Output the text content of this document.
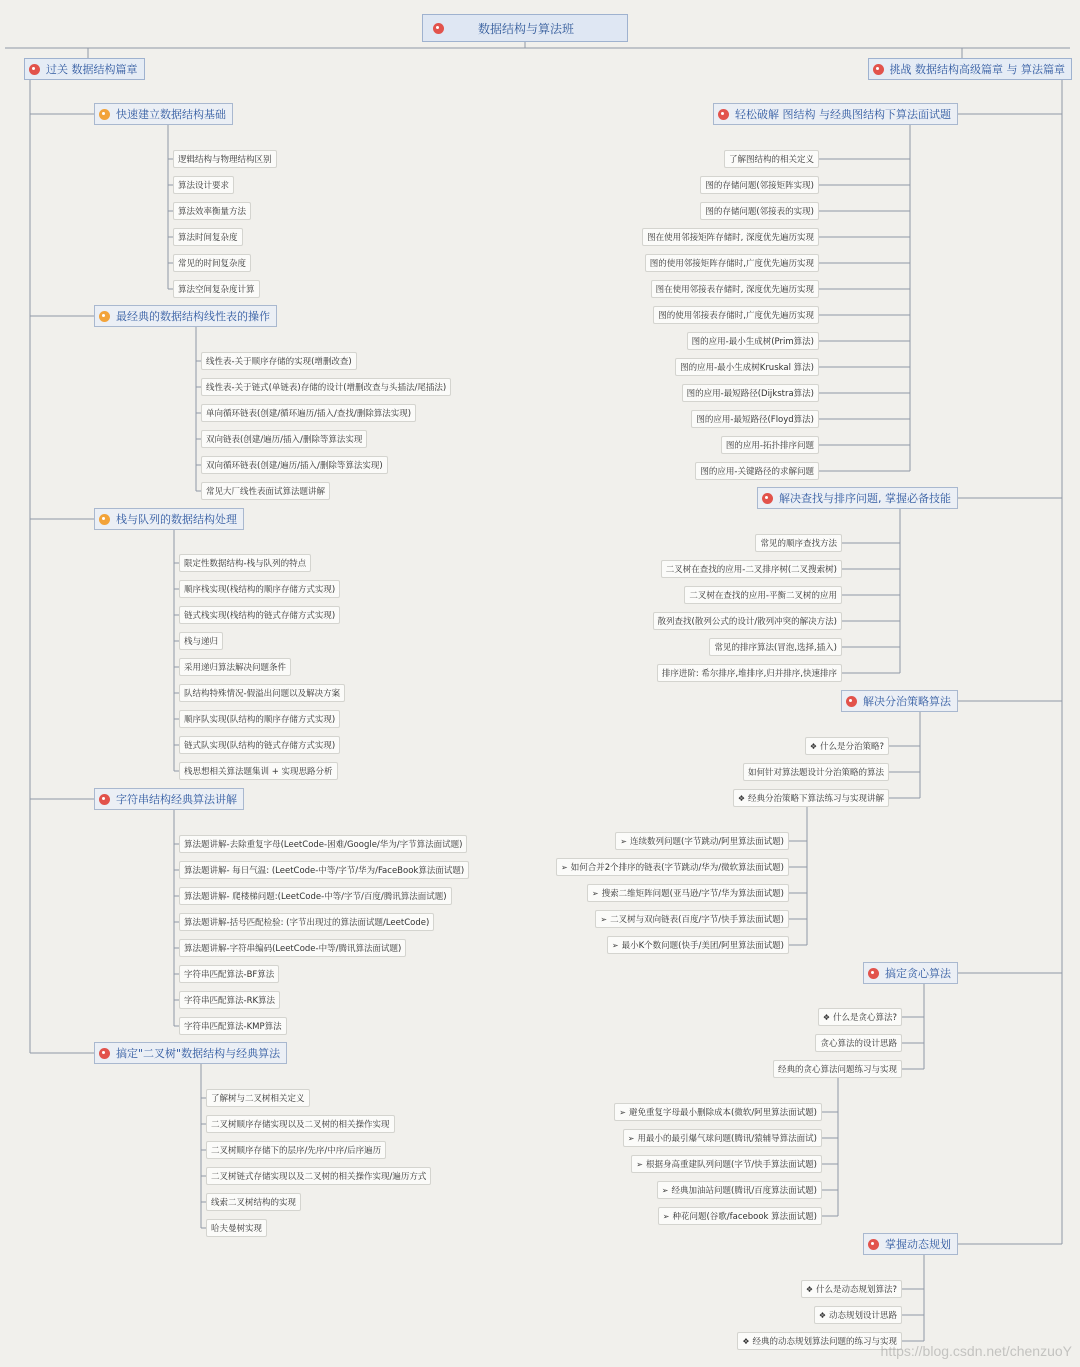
数据结构与算法班
过关 数据结构篇章	挑战 数据结构高级篇章 与 算法篇章
快速建立数据结构基础
逻辑结构与物理结构区别
算法设计要求
算法效率衡量方法
算法时间复杂度
常见的时间复杂度
算法空间复杂度计算
最经典的数据结构线性表的操作
线性表-关于顺序存储的实现(增删改查)
线性表-关于链式(单链表)存储的设计(增删改查与头插法/尾插法)
单向循环链表(创建/循环遍历/插入/查找/删除算法实现)
双向链表(创建/遍历/插入/删除等算法实现
双向循环链表(创建/遍历/插入/删除等算法实现)
常见大厂线性表面试算法题讲解
栈与队列的数据结构处理
限定性数据结构-栈与队列的特点
顺序栈实现(栈结构的顺序存储方式实现)
链式栈实现(栈结构的链式存储方式实现)
栈与递归
采用递归算法解决问题条件
队结构特殊情况-假溢出问题以及解决方案
顺序队实现(队结构的顺序存储方式实现)
链式队实现(队结构的链式存储方式实现)
栈思想相关算法题集训 + 实现思路分析
字符串结构经典算法讲解
算法题讲解-去除重复字母(LeetCode-困难/Google/华为/字节算法面试题)
算法题讲解- 每日气温: (LeetCode-中等/字节/华为/FaceBook算法面试题)
算法题讲解- 爬楼梯问题:(LeetCode-中等/字节/百度/腾讯算法面试题)
算法题讲解-括号匹配检验: (字节出现过的算法面试题/LeetCode)
算法题讲解-字符串编码(LeetCode-中等/腾讯算法面试题)
字符串匹配算法-BF算法
字符串匹配算法-RK算法
字符串匹配算法-KMP算法
搞定"二叉树"数据结构与经典算法
了解树与二叉树相关定义
二叉树顺序存储实现以及二叉树的相关操作实现
二叉树顺序存储下的层序/先序/中序/后序遍历
二叉树链式存储实现以及二叉树的相关操作实现/遍历方式
线索二叉树结构的实现
哈夫曼树实现
轻松破解 图结构 与经典图结构下算法面试题
了解图结构的相关定义
图的存储问题(邻接矩阵实现)
图的存储问题(邻接表的实现)
图在使用邻接矩阵存储时, 深度优先遍历实现
图的使用邻接矩阵存储时,广度优先遍历实现
图在使用邻接表存储时, 深度优先遍历实现
图的使用邻接表存储时,广度优先遍历实现
图的应用-最小生成树(Prim算法)
图的应用-最小生成树Kruskal 算法)
图的应用-最短路径(Dijkstra算法)
图的应用-最短路径(Floyd算法)
图的应用-拓扑排序问题
图的应用-关键路径的求解问题
解决查找与排序问题, 掌握必备技能
常见的顺序查找方法
二叉树在查找的应用-二叉排序树(二叉搜索树)
二叉树在查找的应用-平衡二叉树的应用
散列查找(散列公式的设计/散列冲突的解决方法)
常见的排序算法(冒泡,选择,插入)
排序进阶: 希尔排序,堆排序,归并排序,快速排序
解决分治策略算法
❖ 什么是分治策略?
如何针对算法题设计分治策略的算法
❖ 经典分治策略下算法练习与实现讲解
➢ 连续数列问题(字节跳动/阿里算法面试题)
➢ 如何合并2个排序的链表(字节跳动/华为/微软算法面试题)
➢ 搜索二维矩阵问题(亚马逊/字节/华为算法面试题)
➢ 二叉树与双向链表(百度/字节/快手算法面试题)
➢ 最小K个数问题(快手/美团/阿里算法面试题)
搞定贪心算法
❖ 什么是贪心算法?
贪心算法的设计思路
经典的贪心算法问题练习与实现
➢ 避免重复字母最小删除成本(微软/阿里算法面试题)
➢ 用最小的最引爆气球问题(腾讯/猿辅导算法面试)
➢ 根据身高重建队列问题(字节/快手算法面试题)
➢ 经典加油站问题(腾讯/百度算法面试题)
➢ 种花问题(谷歌/facebook 算法面试题)
掌握动态规划
❖ 什么是动态规划算法?
❖ 动态规划设计思路
❖ 经典的动态规划算法问题的练习与实现
https://blog.csdn.net/chenzuoY
